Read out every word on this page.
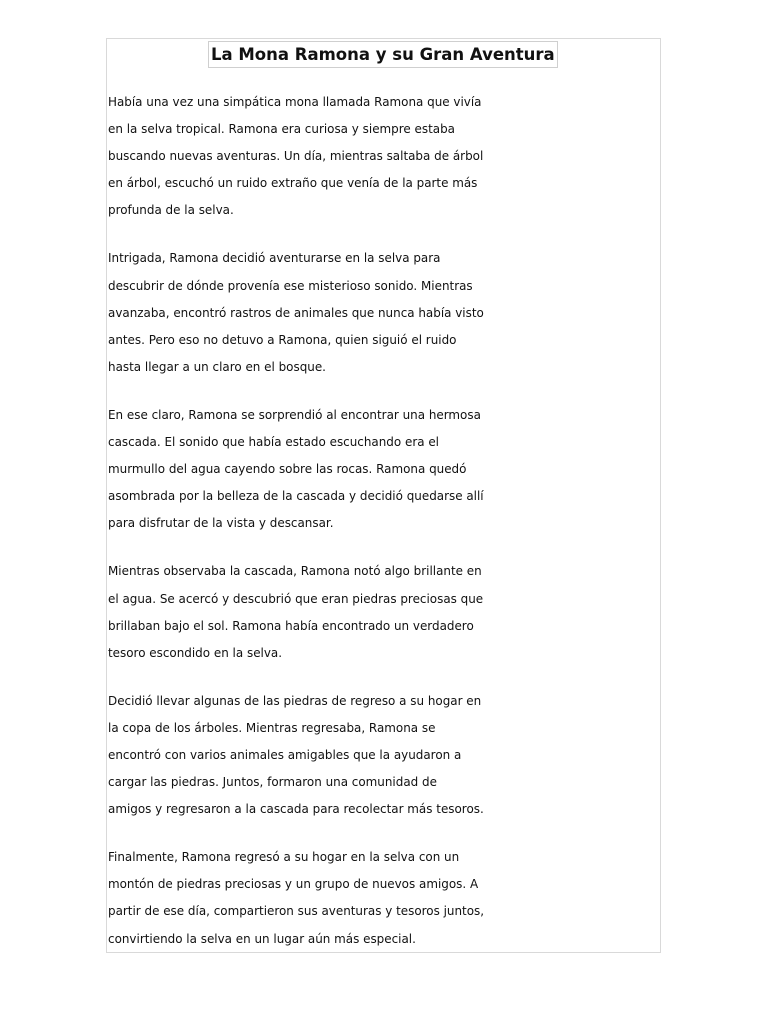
La Mona Ramona y su Gran Aventura

Había una vez una simpática mona llamada Ramona que vivía
en la selva tropical. Ramona era curiosa y siempre estaba
buscando nuevas aventuras. Un día, mientras saltaba de árbol
en árbol, escuchó un ruido extraño que venía de la parte más
profunda de la selva.

Intrigada, Ramona decidió aventurarse en la selva para
descubrir de dónde provenía ese misterioso sonido. Mientras
avanzaba, encontró rastros de animales que nunca había visto
antes. Pero eso no detuvo a Ramona, quien siguió el ruido
hasta llegar a un claro en el bosque.

En ese claro, Ramona se sorprendió al encontrar una hermosa
cascada. El sonido que había estado escuchando era el
murmullo del agua cayendo sobre las rocas. Ramona quedó
asombrada por la belleza de la cascada y decidió quedarse allí
para disfrutar de la vista y descansar.

Mientras observaba la cascada, Ramona notó algo brillante en
el agua. Se acercó y descubrió que eran piedras preciosas que
brillaban bajo el sol. Ramona había encontrado un verdadero
tesoro escondido en la selva.

Decidió llevar algunas de las piedras de regreso a su hogar en
la copa de los árboles. Mientras regresaba, Ramona se
encontró con varios animales amigables que la ayudaron a
cargar las piedras. Juntos, formaron una comunidad de
amigos y regresaron a la cascada para recolectar más tesoros.

Finalmente, Ramona regresó a su hogar en la selva con un
montón de piedras preciosas y un grupo de nuevos amigos. A
partir de ese día, compartieron sus aventuras y tesoros juntos,
convirtiendo la selva en un lugar aún más especial.
